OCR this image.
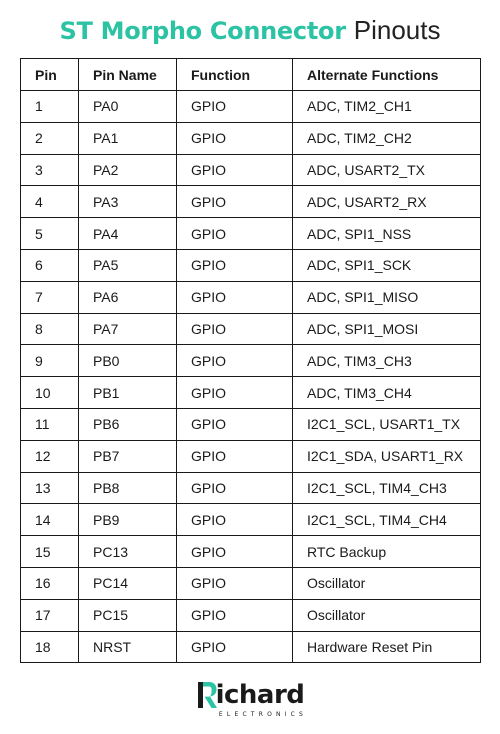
ST Morpho Connector Pinouts
Pin	Pin Name	Function	Alternate Functions
1	PA0	GPIO	ADC, TIM2_CH1
2	PA1	GPIO	ADC, TIM2_CH2
3	PA2	GPIO	ADC, USART2_TX
4	PA3	GPIO	ADC, USART2_RX
5	PA4	GPIO	ADC, SPI1_NSS
6	PA5	GPIO	ADC, SPI1_SCK
7	PA6	GPIO	ADC, SPI1_MISO
8	PA7	GPIO	ADC, SPI1_MOSI
9	PB0	GPIO	ADC, TIM3_CH3
10	PB1	GPIO	ADC, TIM3_CH4
11	PB6	GPIO	I2C1_SCL, USART1_TX
12	PB7	GPIO	I2C1_SDA, USART1_RX
13	PB8	GPIO	I2C1_SCL, TIM4_CH3
14	PB9	GPIO	I2C1_SCL, TIM4_CH4
15	PC13	GPIO	RTC Backup
16	PC14	GPIO	Oscillator
17	PC15	GPIO	Oscillator
18	NRST	GPIO	Hardware Reset Pin
ichard
ELECTRONICS
